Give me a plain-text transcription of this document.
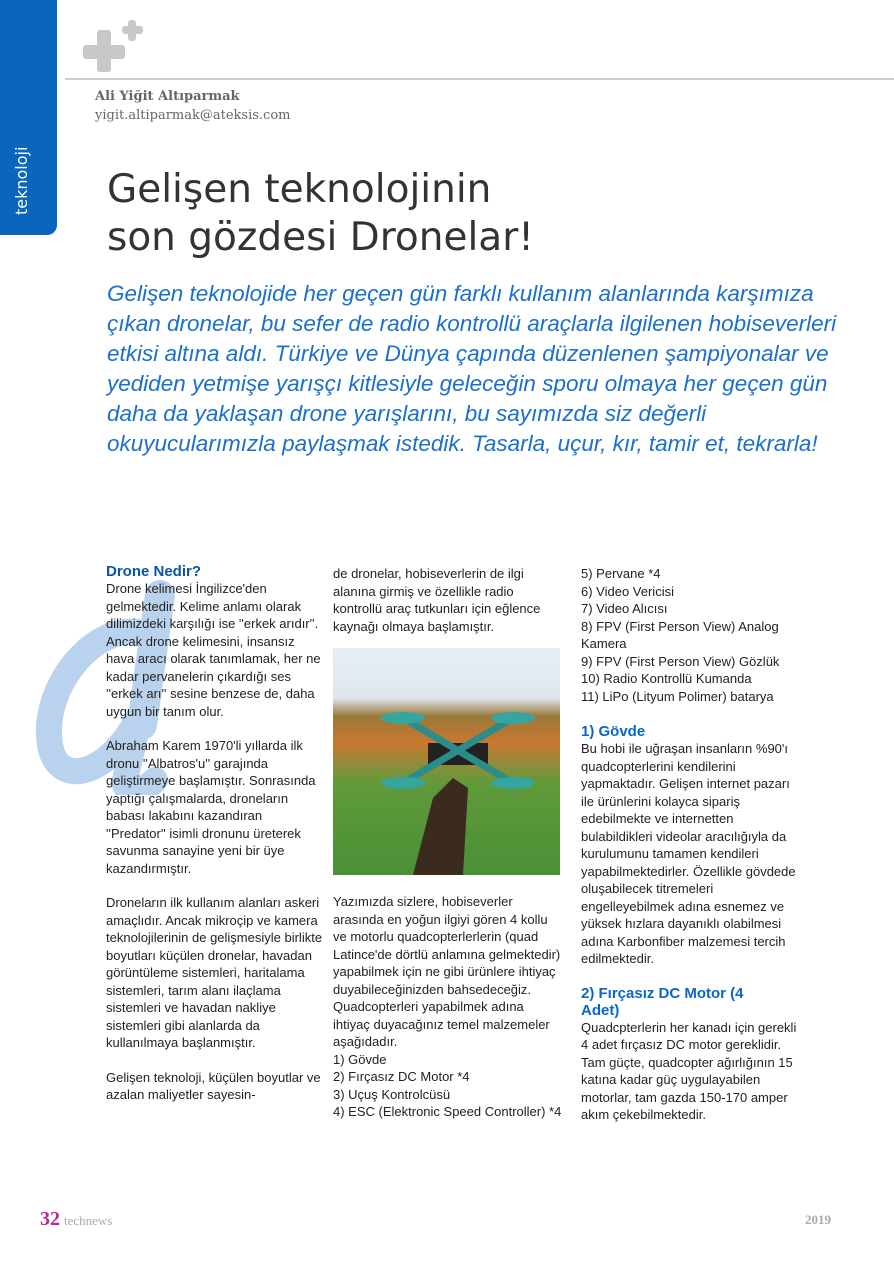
teknoloji
Ali Yiğit Altıparmak
yigit.altiparmak@ateksis.com
Gelişen teknolojinin
son gözdesi Dronelar!

Gelişen teknolojide her geçen gün farklı kullanım alanlarında karşımıza çıkan dronelar, bu sefer de radio kontrollü araçlarla ilgilenen hobiseverleri etkisi altına aldı. Türkiye ve Dünya çapında düzenlenen şampiyonalar ve yediden yetmişe yarışçı kitlesiyle geleceğin sporu olmaya her geçen gün daha da yaklaşan drone yarışlarını, bu sayımızda siz değerli okuyucularımızla paylaşmak istedik. Tasarla, uçur, kır, tamir et, tekrarla!

Drone Nedir?

Drone kelimesi İngilizce'den gelmektedir. Kelime anlamı olarak dilimizdeki karşılığı ise ''erkek arıdır''. Ancak drone kelimesini, insansız hava aracı olarak tanımlamak, her ne kadar pervanelerin çıkardığı ses ''erkek arı'' sesine benzese de, daha uygun bir tanım olur.

Abraham Karem 1970'li yıllarda ilk dronu ''Albatros'u'' garajında geliştirmeye başlamıştır. Sonrasında yaptığı çalışmalarda, droneların babası lakabını kazandıran ''Predator'' isimli dronunu üreterek savunma sanayine yeni bir üye kazandırmıştır.

Droneların ilk kullanım alanları askeri amaçlıdır. Ancak mikroçip ve kamera teknolojilerinin de gelişmesiyle birlikte boyutları küçülen dronelar, havadan görüntüleme sistemleri, haritalama sistemleri, tarım alanı ilaçlama sistemleri ve havadan nakliye sistemleri gibi alanlarda da kullanılmaya başlanmıştır.

Gelişen teknoloji, küçülen boyutlar ve azalan maliyetler sayesin-

de dronelar, hobiseverlerin de ilgi alanına girmiş ve özellikle radio kontrollü araç tutkunları için eğlence kaynağı olmaya başlamıştır.

Yazımızda sizlere, hobiseverler arasında en yoğun ilgiyi gören 4 kollu ve motorlu quadcopterlerlerin (quad Latince'de dörtlü anlamına gelmektedir) yapabilmek için ne gibi ürünlere ihtiyaç duyabileceğinizden bahsedeceğiz. Quadcopterleri yapabilmek adına ihtiyaç duyacağınız temel malzemeler aşağıdadır.

1) Gövde
2) Fırçasız DC Motor *4
3) Uçuş Kontrolcüsü
4) ESC (Elektronic Speed Controller) *4
5) Pervane *4
6) Video Vericisi
7) Video Alıcısı
8) FPV (First Person View) Analog Kamera
9) FPV (First Person View) Gözlük
10) Radio Kontrollü Kumanda
11) LiPo (Lityum Polimer) batarya
1) Gövde

Bu hobi ile uğraşan insanların %90'ı quadcopterlerini kendilerini yapmaktadır. Gelişen internet pazarı ile ürünlerini kolayca sipariş edebilmekte ve internetten bulabildikleri videolar aracılığıyla da kurulumunu tamamen kendileri yapabilmektedirler. Özellikle gövdede oluşabilecek titremeleri engelleyebilmek adına esnemez ve yüksek hızlara dayanıklı olabilmesi adına Karbonfiber malzemesi tercih edilmektedir.

2) Fırçasız DC Motor (4 Adet)

Quadcpterlerin her kanadı için gerekli 4 adet fırçasız DC motor gereklidir. Tam güçte, quadcopter ağırlığının 15 katına kadar güç uygulayabilen motorlar, tam gazda 150-170 amper akım çekebilmektedir.

32 technews	2019
